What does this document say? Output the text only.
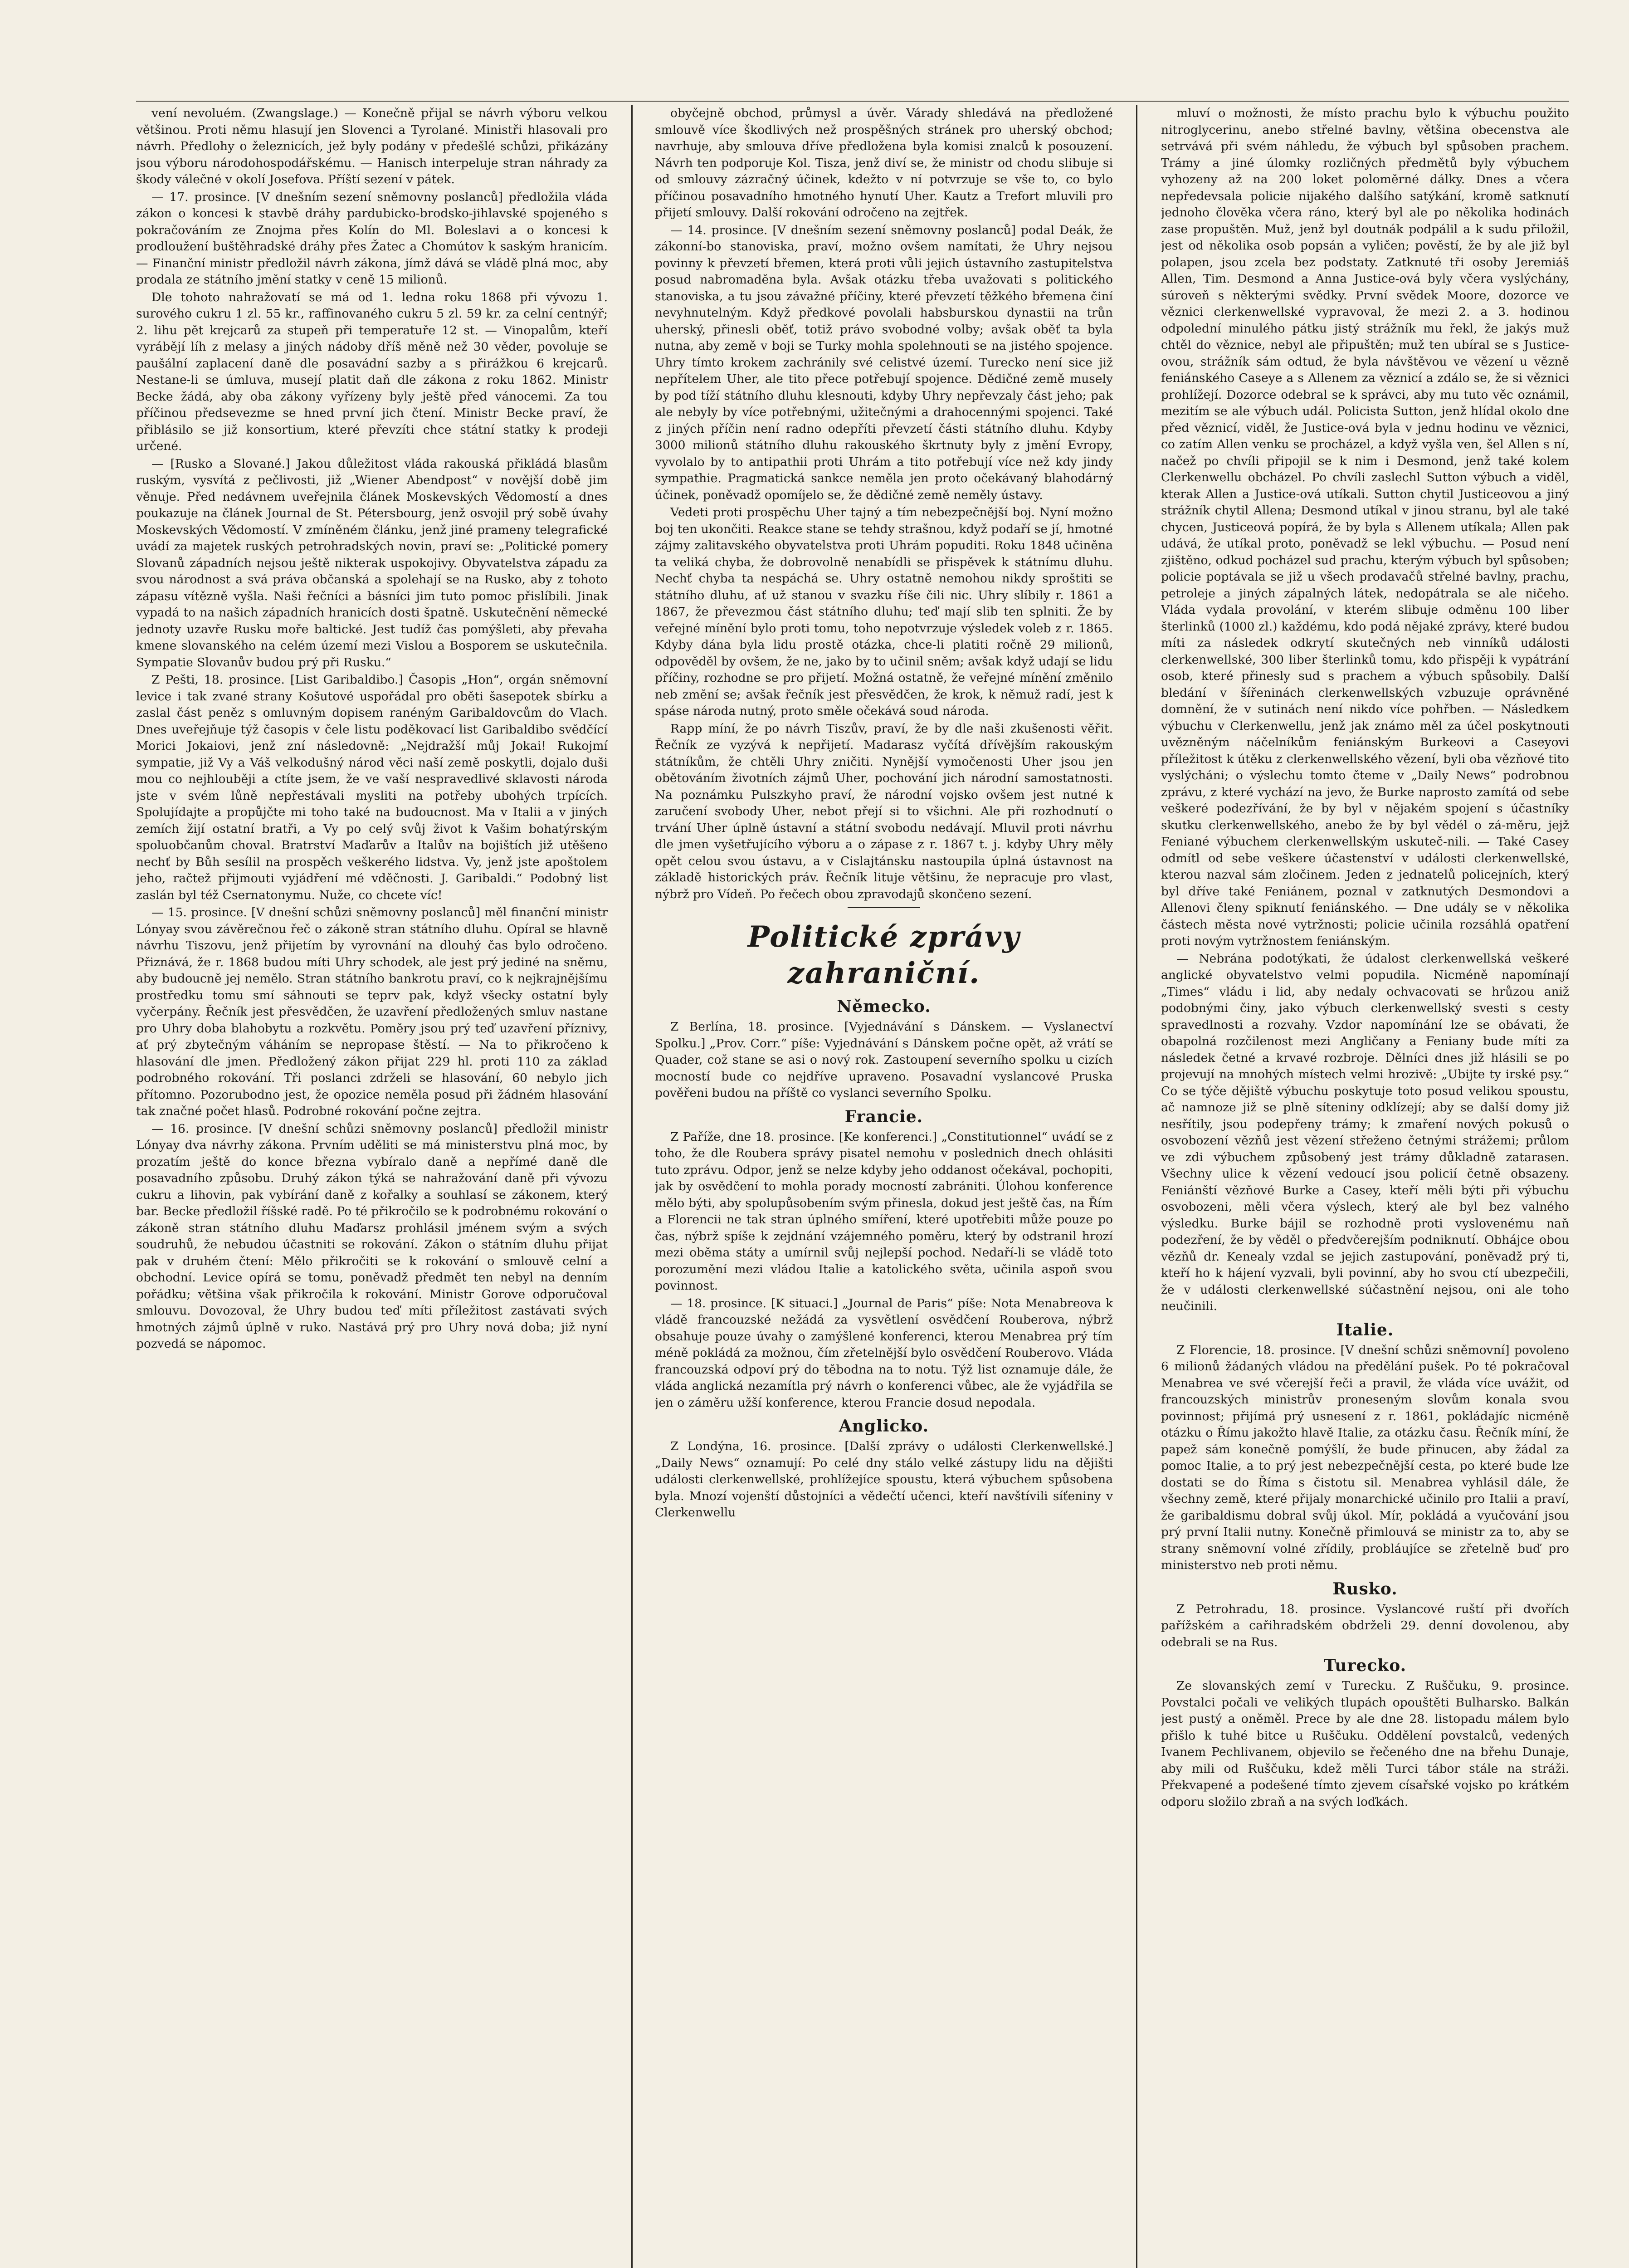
vení nevoluém. (Zwangslage.) — Konečně přijal se návrh výboru velkou většinou. Proti němu hlasují jen Slovenci a Tyrolané. Ministři hlasovali pro návrh. Předlohy o železnicích, jež byly podány v předešlé schůzi, přikázány jsou výboru národohospodářskému. — Hanisch interpeluje stran náhrady za škody válečné v okolí Josefova. Příští sezení v pátek.

— 17. prosince. [V dnešním sezení sněmovny poslanců] předložila vláda zákon o koncesi k stavbě dráhy pardubicko-brodsko-jihlavské spojeného s pokračováním ze Znojma přes Kolín do Ml. Boleslavi a o koncesi k prodloužení buštěhradské dráhy přes Žatec a Chomútov k saským hranicím. — Finanční ministr předložil návrh zákona, jímž dává se vládě plná moc, aby prodala ze státního jmění statky v ceně 15 milionů.

Dle tohoto nahražovatí se má od 1. ledna roku 1868 při vývozu 1. surového cukru 1 zl. 55 kr., raffinovaného cukru 5 zl. 59 kr. za celní centnýř; 2. lihu pět krejcarů za stupeň při temperatuře 12 st. — Vinopalům, kteří vyrábějí líh z melasy a jiných nádoby dříš měně než 30 věder, povoluje se paušální zaplacení daně dle posavádní sazby a s přirážkou 6 krejcarů. Nestane-li se úmluva, musejí platit daň dle zákona z roku 1862. Ministr Becke žádá, aby oba zákony vyřízeny byly ještě před vánocemi. Za tou příčinou předsevezme se hned první jich čtení. Ministr Becke praví, že přiblásilo se již konsortium, které převzíti chce státní statky k prodeji určené.

— [Rusko a Slované.] Jakou důležitost vláda rakouská přikládá blasům ruským, vysvítá z pečlivosti, již „Wiener Abendpost“ v novější době jim věnuje. Před nedávnem uveřejnila článek Moskevských Vědomostí a dnes poukazuje na článek Journal de St. Pétersbourg, jenž osvojil prý sobě úvahy Moskevských Vědomostí. V zmíněném článku, jenž jiné prameny telegrafické uvádí za majetek ruských petrohradských novin, praví se: „Politické pomery Slovanů západních nejsou ještě nikterak uspokojivy. Obyvatelstva západu za svou národnost a svá práva občanská a spolehají se na Rusko, aby z tohoto zápasu vítězně vyšla. Naši řečníci a básníci jim tuto pomoc přislíbili. Jinak vypadá to na našich západních hranicích dosti špatně. Uskutečnění německé jednoty uzavře Rusku moře baltické. Jest tudíž čas pomýšleti, aby převaha kmene slovanského na celém území mezi Vislou a Bosporem se uskutečnila. Sympatie Slovanův budou prý při Rusku.“

Z Pešti, 18. prosince. [List Garibaldibo.] Časopis „Hon“, orgán sněmovní levice i tak zvané strany Košutové uspořádal pro oběti šasepotek sbírku a zaslal část peněz s omluvným dopisem ranéným Garibaldovcům do Vlach. Dnes uveřejňuje týž časopis v čele listu poděkovací list Garibaldibo svědčící Morici Jokaiovi, jenž zní následovně: „Nejdražší můj Jokai! Rukojmí sympatie, již Vy a Váš velkodušný národ věci naší země poskytli, dojalo duši mou co nejhlouběji a ctíte jsem, že ve vaší nespravedlivé sklavosti národa jste v svém lůně nepřestávali mysliti na potřeby ubohých trpících. Spolujídajte a propůjčte mi toho také na budoucnost. Ma v Italii a v jiných zemích žijí ostatní bratři, a Vy po celý svůj život k Vašim bohatýrským spoluobčanům choval. Bratrství Maďarův a Italův na bojištích již utěšeno nechť by Bůh sesílil na prospěch veškerého lidstva. Vy, jenž jste apoštolem jeho, račtež přijmouti vyjádření mé vděčnosti. J. Garibaldi.“ Podobný list zaslán byl též Csernatonymu. Nuže, co chcete víc!

— 15. prosince. [V dnešní schůzi sněmovny poslanců] měl finanční ministr Lónyay svou závěrečnou řeč o zákoně stran státního dluhu. Opíral se hlavně návrhu Tiszovu, jenž přijetím by vyrovnání na dlouhý čas bylo odročeno. Přiznává, že r. 1868 budou míti Uhry schodek, ale jest prý jediné na sněmu, aby budoucně jej nemělo. Stran státního bankrotu praví, co k nejkrajnějšímu prostředku tomu smí sáhnouti se teprv pak, když všecky ostatní byly vyčerpány. Řečník jest přesvědčen, že uzavření předložených smluv nastane pro Uhry doba blahobytu a rozkvětu. Poměry jsou prý teď uzavření příznivy, ať prý zbytečným váháním se nepropase štěstí. — Na to přikročeno k hlasování dle jmen. Předložený zákon přijat 229 hl. proti 110 za základ podrobného rokování. Tři poslanci zdrželi se hlasování, 60 nebylo jich přítomno. Pozorubodno jest, že opozice neměla posud při žádném hlasování tak značné počet hlasů. Podrobné rokování počne zejtra.

— 16. prosince. [V dnešní schůzi sněmovny poslanců] předložil ministr Lónyay dva návrhy zákona. Prvním uděliti se má ministerstvu plná moc, by prozatím ještě do konce března vybíralo daně a nepřímé daně dle posavadního způsobu. Druhý zákon týká se nahražování daně při vývozu cukru a lihovin, pak vybírání daně z kořalky a souhlasí se zákonem, který bar. Becke předložil říšské radě. Po té přikročilo se k podrobnému rokování o zákoně stran státního dluhu Maďarsz prohlásil jménem svým a svých soudruhů, že nebudou účastniti se rokování. Zákon o státním dluhu přijat pak v druhém čtení: Mělo přikročiti se k rokování o smlouvě celní a obchodní. Levice opírá se tomu, poněvadž předmět ten nebyl na denním pořádku; většina však přikročila k rokování. Ministr Gorove odporučoval smlouvu. Dovozoval, že Uhry budou teď míti příležitost zastávati svých hmotných zájmů úplně v ruko. Nastává prý pro Uhry nová doba; již nyní pozvedá se nápomoc.

obyčejně obchod, průmysl a úvěr. Várady shledává na předložené smlouvě více škodlivých než prospěšných stránek pro uherský obchod; navrhuje, aby smlouva dříve předložena byla komisi znalců k posouzení. Návrh ten podporuje Kol. Tisza, jenž diví se, že ministr od chodu slibuje si od smlouvy zázračný účinek, kdežto v ní potvrzuje se vše to, co bylo příčinou posavadního hmotného hynutí Uher. Kautz a Trefort mluvili pro přijetí smlouvy. Další rokování odročeno na zejtřek.

— 14. prosince. [V dnešním sezení sněmovny poslanců] podal Deák, že zákonní-bo stanoviska, praví, možno ovšem namítati, že Uhry nejsou povinny k převzetí břemen, která proti vůli jejich ústavního zastupitelstva posud nabromaděna byla. Avšak otázku třeba uvažovati s politického stanoviska, a tu jsou závažné příčiny, které převzetí těžkého břemena činí nevyhnutelným. Když předkové povolali habsburskou dynastii na trůn uherský, přinesli oběť, totiž právo svobodné volby; avšak oběť ta byla nutna, aby země v boji se Turky mohla spolehnouti se na jistého spojence. Uhry tímto krokem zachránily své celistvé území. Turecko není sice již nepřítelem Uher, ale tito přece potřebují spojence. Dědičné země musely by pod tíží státního dluhu klesnouti, kdyby Uhry nepřevzaly část jeho; pak ale nebyly by více potřebnými, užitečnými a drahocennými spojenci. Také z jiných příčin není radno odepříti převzetí části státního dluhu. Kdyby 3000 milionů státního dluhu rakouského škrtnuty byly z jmění Evropy, vyvolalo by to antipathii proti Uhrám a tito potřebují více než kdy jindy sympathie. Pragmatická sankce neměla jen proto očekávaný blahodárný účinek, poněvadž opomíjelo se, že dědičné země neměly ústavy.

Vedeti proti prospěchu Uher tajný a tím nebezpečnější boj. Nyní možno boj ten ukončiti. Reakce stane se tehdy strašnou, když podaří se jí, hmotné zájmy zalitavského obyvatelstva proti Uhrám popuditi. Roku 1848 učiněna ta veliká chyba, že dobrovolně nenabídli se přispěvek k státnímu dluhu. Nechť chyba ta nespáchá se. Uhry ostatně nemohou nikdy sproštiti se státního dluhu, ať už stanou v svazku říše čili nic. Uhry slíbily r. 1861 a 1867, že převezmou část státního dluhu; teď mají slib ten splniti. Že by veřejné mínění bylo proti tomu, toho nepotvrzuje výsledek voleb z r. 1865. Kdyby dána byla lidu prostě otázka, chce-li platiti ročně 29 milionů, odpověděl by ovšem, že ne, jako by to učinil sněm; avšak když udají se lidu příčiny, rozhodne se pro přijetí. Možná ostatně, že veřejné mínění změnilo neb změní se; avšak řečník jest přesvědčen, že krok, k němuž radí, jest k spáse národa nutný, proto směle očekává soud národa.

Rapp míní, že po návrh Tiszův, praví, že by dle naši zkušenosti věřit. Řečník ze vyzývá k nepřijetí. Madarasz vyčítá dřívějším rakouským státníkům, že chtěli Uhry zničiti. Nynější vymočenosti Uher jsou jen obětováním životních zájmů Uher, pochování jich národní samostatnosti. Na poznámku Pulszkyho praví, že národní vojsko ovšem jest nutné k zaručení svobody Uher, nebot přejí si to všichni. Ale při rozhodnutí o trvání Uher úplně ústavní a státní svobodu nedávají. Mluvil proti návrhu dle jmen vyšetřujícího výboru a o zápase z r. 1867 t. j. kdyby Uhry měly opět celou svou ústavu, a v Cislajtánsku nastoupila úplná ústavnost na základě historických práv. Řečník lituje většinu, že nepracuje pro vlast, nýbrž pro Vídeň. Po řečech obou zpravodajů skončeno sezení.

Politické zprávy zahraniční.
Německo.

Z Berlína, 18. prosince. [Vyjednávání s Dánskem. — Vyslanectví Spolku.] „Prov. Corr.“ píše: Vyjednávání s Dánskem počne opět, až vrátí se Quader, což stane se asi o nový rok. Zastoupení severního spolku u cizích mocností bude co nejdříve upraveno. Posavadní vyslancové Pruska pověřeni budou na příště co vyslanci severního Spolku.

Francie.

Z Paříže, dne 18. prosince. [Ke konferenci.] „Constitutionnel“ uvádí se z toho, že dle Roubera správy pisatel nemohu v poslednich dnech ohlásiti tuto zprávu. Odpor, jenž se nelze kdyby jeho oddanost očekával, pochopiti, jak by osvědčení to mohla porady mocností zabrániti. Úlohou konference mělo býti, aby spolupůsobením svým přinesla, dokud jest ještě čas, na Řím a Florencii ne tak stran úplného smíření, které upotřebiti může pouze po čas, nýbrž spíše k zejdnání vzájemného poměru, který by odstranil hrozí mezi oběma státy a umírnil svůj nejlepší pochod. Nedaří-li se vládě toto porozumění mezi vládou Italie a katolického světa, učinila aspoň svou povinnost.

— 18. prosince. [K situaci.] „Journal de Paris“ píše: Nota Menabreova k vládě francouzské nežádá za vysvětlení osvědčení Rouberova, nýbrž obsahuje pouze úvahy o zamýšlené konferenci, kterou Menabrea prý tím méně pokládá za možnou, čím zřetelnější bylo osvědčení Rouberovo. Vláda francouzská odpoví prý do těbodna na to notu. Týž list oznamuje dále, že vláda anglická nezamítla prý návrh o konferenci vůbec, ale že vyjádřila se jen o záměru užší konference, kterou Francie dosud nepodala.

Anglicko.

Z Londýna, 16. prosince. [Další zprávy o události Clerkenwellské.] „Daily News“ oznamují: Po celé dny stálo velké zástupy lidu na dějišti události clerkenwellské, prohlížejíce spoustu, která výbuchem spůsobena byla. Mnozí vojenští důstojníci a vědečtí učenci, kteří navštívili síťeniny v Clerkenwellu

mluví o možnosti, že místo prachu bylo k výbuchu použito nitroglycerinu, anebo střelné bavlny, většina obecenstva ale setrvává při svém náhledu, že výbuch byl spůsoben prachem. Trámy a jiné úlomky rozličných předmětů byly výbuchem vyhozeny až na 200 loket poloměrné dálky. Dnes a včera nepředevsala policie nijakého dalšího satýkání, kromě satknutí jednoho člověka včera ráno, který byl ale po několika hodinách zase propuštěn. Muž, jenž byl doutnák podpálil a k sudu přiložil, jest od několika osob popsán a vyličen; pověstí, že by ale již byl polapen, jsou zcela bez podstaty. Zatknuté tři osoby Jeremiáš Allen, Tim. Desmond a Anna Justice-ová byly včera vyslýchány, súroveň s některými svědky. První svědek Moore, dozorce ve věznici clerkenwellské vypravoval, že mezi 2. a 3. hodinou odpolední minulého pátku jistý strážník mu řekl, že jakýs muž chtěl do věznice, nebyl ale připuštěn; muž ten ubíral se s Justice-ovou, strážník sám odtud, že byla návštěvou ve vězení u vězně feniánského Caseye a s Allenem za věznicí a zdálo se, že si věznici prohlížejí. Dozorce odebral se k správci, aby mu tuto věc oznámil, mezitím se ale výbuch udál. Policista Sutton, jenž hlídal okolo dne před věznicí, viděl, že Justice-ová byla v jednu hodinu ve věznici, co zatím Allen venku se procházel, a když vyšla ven, šel Allen s ní, načež po chvíli připojil se k nim i Desmond, jenž také kolem Clerkenwellu obcházel. Po chvíli zaslechl Sutton výbuch a viděl, kterak Allen a Justice-ová utíkali. Sutton chytil Justiceovou a jiný strážník chytil Allena; Desmond utíkal v jinou stranu, byl ale také chycen, Justiceová popírá, že by byla s Allenem utíkala; Allen pak udává, že utíkal proto, poněvadž se lekl výbuchu. — Posud není zjištěno, odkud pocházel sud prachu, kterým výbuch byl spůsoben; policie poptávala se již u všech prodavačů střelné bavlny, prachu, petroleje a jiných zápalných látek, nedopátrala se ale ničeho. Vláda vydala provolání, v kterém slibuje odměnu 100 liber šterlinků (1000 zl.) každému, kdo podá nějaké zprávy, které budou míti za následek odkrytí skutečných neb vinníků události clerkenwellské, 300 liber šterlinků tomu, kdo přispěji k vypátrání osob, které přinesly sud s prachem a výbuch spůsobily. Další bledání v šířeninách clerkenwellských vzbuzuje oprávněné domnění, že v sutinách není nikdo více pohřben. — Následkem výbuchu v Clerkenwellu, jenž jak známo měl za účel poskytnouti uvězněným náčelníkům feniánským Burkeovi a Caseyovi příležitost k útěku z clerkenwellského vězení, byli oba vězňové tito vyslýcháni; o výslechu tomto čteme v „Daily News“ podrobnou zprávu, z které vychází na jevo, že Burke naprosto zamítá od sebe veškeré podezřívání, že by byl v nějakém spojení s účastníky skutku clerkenwellského, anebo že by byl vědél o zá-měru, jejž Feniané výbuchem clerkenwellským uskuteč-nili. — Také Casey odmítl od sebe veškere účastenství v události clerkenwellské, kterou nazval sám zločinem. Jeden z jednatelů policejních, který byl dříve také Feniánem, poznal v zatknutých Desmondovi a Allenovi členy spiknutí feniánského. — Dne udály se v několika částech města nové vytržnosti; policie učinila rozsáhlá opatření proti novým vytržnostem feniánským.

— Nebrána podotýkati, že údalost clerkenwellská veškeré anglické obyvatelstvo velmi popudila. Nicméně napomínají „Times“ vládu i lid, aby nedaly ochvacovati se hrůzou aniž podobnými činy, jako výbuch clerkenwellský svesti s cesty spravedlnosti a rozvahy. Vzdor napomínání lze se obávati, že obapolná rozčilenost mezi Angličany a Feniany bude míti za následek četné a krvavé rozbroje. Dělníci dnes již hlásili se po projevují na mnohých místech velmi hrozivě: „Ubijte ty irské psy.“ Co se týče dějiště výbuchu poskytuje toto posud velikou spoustu, ač namnoze již se plně síteniny odklízejí; aby se další domy již nesřítily, jsou podepřeny trámy; k zmaření nových pokusů o osvobození vězňů jest vězení střeženo četnými strážemi; průlom ve zdi výbuchem způsobený jest trámy důkladně zatarasen. Všechny ulice k vězení vedoucí jsou policií četně obsazeny. Feniánští vězňové Burke a Casey, kteří měli býti při výbuchu osvobozeni, měli včera výslech, který ale byl bez valného výsledku. Burke bájil se rozhodně proti vyslovenému naň podezření, že by věděl o předvčerejším podniknutí. Obhájce obou vězňů dr. Kenealy vzdal se jejich zastupování, poněvadž prý ti, kteří ho k hájení vyzvali, byli povinní, aby ho svou ctí ubezpečili, že v události clerkenwellské súčastnění nejsou, oni ale toho neučinili.

Italie.

Z Florencie, 18. prosince. [V dnešní schůzi sněmovní] povoleno 6 milionů žádaných vládou na předělání pušek. Po té pokračoval Menabrea ve své včerejší řeči a pravil, že vláda více uvážit, od francouzských ministrův proneseným slovům konala svou povinnost; přijímá prý usnesení z r. 1861, pokládajíc nicméně otázku o Římu jakožto hlavě Italie, za otázku času. Řečník míní, že papež sám konečně pomýšlí, že bude přinucen, aby žádal za pomoc Italie, a to prý jest nebezpečnější cesta, po které bude lze dostati se do Říma s čistotu sil. Menabrea vyhlásil dále, že všechny země, které přijaly monarchické učinilo pro Italii a praví, že garibaldismu dobral svůj úkol. Mír, pokládá a vyučování jsou prý první Italii nutny. Konečně přimlouvá se ministr za to, aby se strany sněmovní volné zřídily, probláujíce se zřetelně buď pro ministerstvo neb proti němu.

Rusko.

Z Petrohradu, 18. prosince. Vyslancové ruští při dvořích pařížském a cařihradském obdrželi 29. denní dovolenou, aby odebrali se na Rus.

Turecko.

Ze slovanských zemí v Turecku. Z Ruščuku, 9. prosince. Povstalci počali ve velikých tlupách opouštěti Bulharsko. Balkán jest pustý a oněměl. Prece by ale dne 28. listopadu málem bylo přišlo k tuhé bitce u Ruščuku. Oddělení povstalců, vedených Ivanem Pechlivanem, objevilo se řečeného dne na břehu Dunaje, aby mili od Ruščuku, kdež měli Turci tábor stále na stráži. Překvapené a podešené tímto zjevem císařské vojsko po krátkém odporu složilo zbraň a na svých loďkách.
